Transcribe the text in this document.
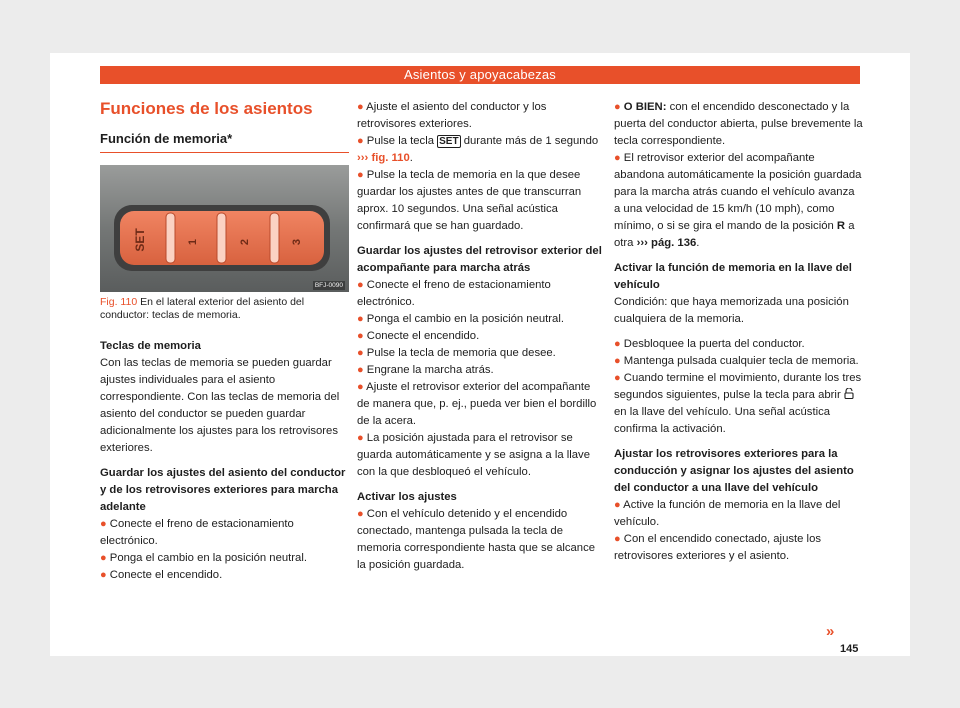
Asientos y apoyacabezas
Funciones de los asientos
Función de memoria*
SET	1	2	3
BFJ-0090

Fig. 110 En el lateral exterior del asiento del conductor: teclas de memoria.

Teclas de memoria

Con las teclas de memoria se pueden guardar ajustes individuales para el asiento correspondiente. Con las teclas de memoria del asiento del conductor se pueden guardar adicionalmente los ajustes para los retrovisores exteriores.

Guardar los ajustes del asiento del conductor y de los retrovisores exteriores para marcha adelante

● Conecte el freno de estacionamiento electrónico.

● Ponga el cambio en la posición neutral.

● Conecte el encendido.

● Ajuste el asiento del conductor y los retrovisores exteriores.

● Pulse la tecla SET durante más de 1 segundo ››› fig. 110.

● Pulse la tecla de memoria en la que desee guardar los ajustes antes de que transcurran aprox. 10 segundos. Una señal acústica confirmará que se han guardado.

Guardar los ajustes del retrovisor exterior del acompañante para marcha atrás

● Conecte el freno de estacionamiento electrónico.

● Ponga el cambio en la posición neutral.

● Conecte el encendido.

● Pulse la tecla de memoria que desee.

● Engrane la marcha atrás.

● Ajuste el retrovisor exterior del acompañante de manera que, p. ej., pueda ver bien el bordillo de la acera.

● La posición ajustada para el retrovisor se guarda automáticamente y se asigna a la llave con la que desbloqueó el vehículo.

Activar los ajustes

● Con el vehículo detenido y el encendido conectado, mantenga pulsada la tecla de memoria correspondiente hasta que se alcance la posición guardada.

● O BIEN: con el encendido desconectado y la puerta del conductor abierta, pulse brevemente la tecla correspondiente.

● El retrovisor exterior del acompañante abandona automáticamente la posición guardada para la marcha atrás cuando el vehículo avanza a una velocidad de 15 km/h (10 mph), como mínimo, o si se gira el mando de la posición R a otra ››› pág. 136.

Activar la función de memoria en la llave del vehículo

Condición: que haya memorizada una posición cualquiera de la memoria.

● Desbloquee la puerta del conductor.

● Mantenga pulsada cualquier tecla de memoria.

● Cuando termine el movimiento, durante los tres segundos siguientes, pulse la tecla para abrir  en la llave del vehículo. Una señal acústica confirma la activación.

Ajustar los retrovisores exteriores para la conducción y asignar los ajustes del asiento del conductor a una llave del vehículo

● Active la función de memoria en la llave del vehículo.

● Con el encendido conectado, ajuste los retrovisores exteriores y el asiento.

»
145
